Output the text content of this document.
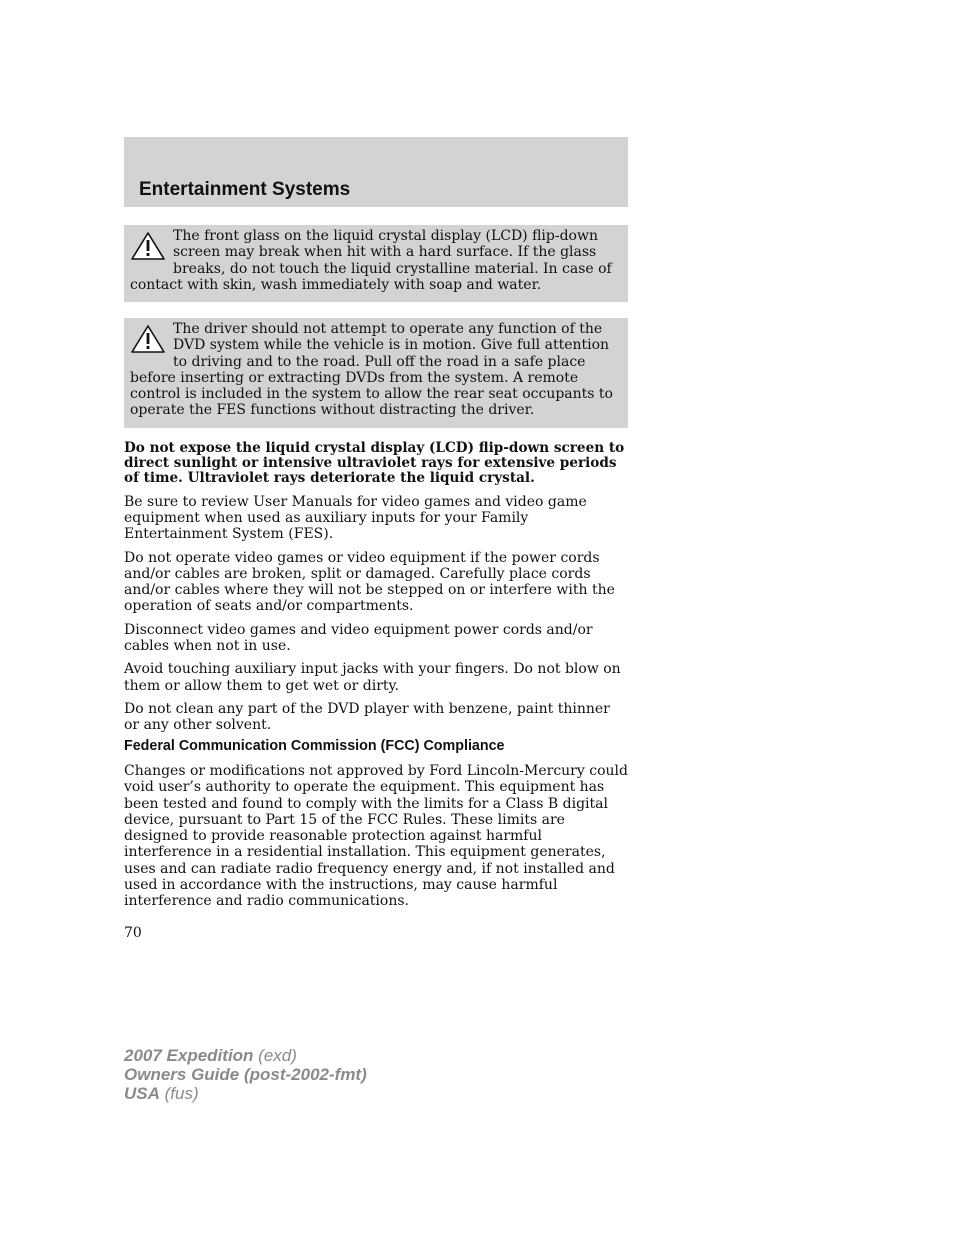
Entertainment Systems
The front glass on the liquid crystal display (LCD) flip-down screen may break when hit with a hard surface. If the glass breaks, do not touch the liquid crystalline material. In case of contact with skin, wash immediately with soap and water.
The driver should not attempt to operate any function of the DVD system while the vehicle is in motion. Give full attention to driving and to the road. Pull off the road in a safe place before inserting or extracting DVDs from the system. A remote control is included in the system to allow the rear seat occupants to operate the FES functions without distracting the driver.

Do not expose the liquid crystal display (LCD) flip-down screen to direct sunlight or intensive ultraviolet rays for extensive periods of time. Ultraviolet rays deteriorate the liquid crystal.

Be sure to review User Manuals for video games and video game equipment when used as auxiliary inputs for your Family Entertainment System (FES).

Do not operate video games or video equipment if the power cords and/or cables are broken, split or damaged. Carefully place cords and/or cables where they will not be stepped on or interfere with the operation of seats and/or compartments.

Disconnect video games and video equipment power cords and/or cables when not in use.

Avoid touching auxiliary input jacks with your fingers. Do not blow on them or allow them to get wet or dirty.

Do not clean any part of the DVD player with benzene, paint thinner or any other solvent.

Federal Communication Commission (FCC) Compliance

Changes or modifications not approved by Ford Lincoln-Mercury could void user’s authority to operate the equipment. This equipment has been tested and found to comply with the limits for a Class B digital device, pursuant to Part 15 of the FCC Rules. These limits are designed to provide reasonable protection against harmful interference in a residential installation. This equipment generates, uses and can radiate radio frequency energy and, if not installed and used in accordance with the instructions, may cause harmful interference and radio communications.

70
2007 Expedition (exd)
Owners Guide (post-2002-fmt)
USA (fus)
